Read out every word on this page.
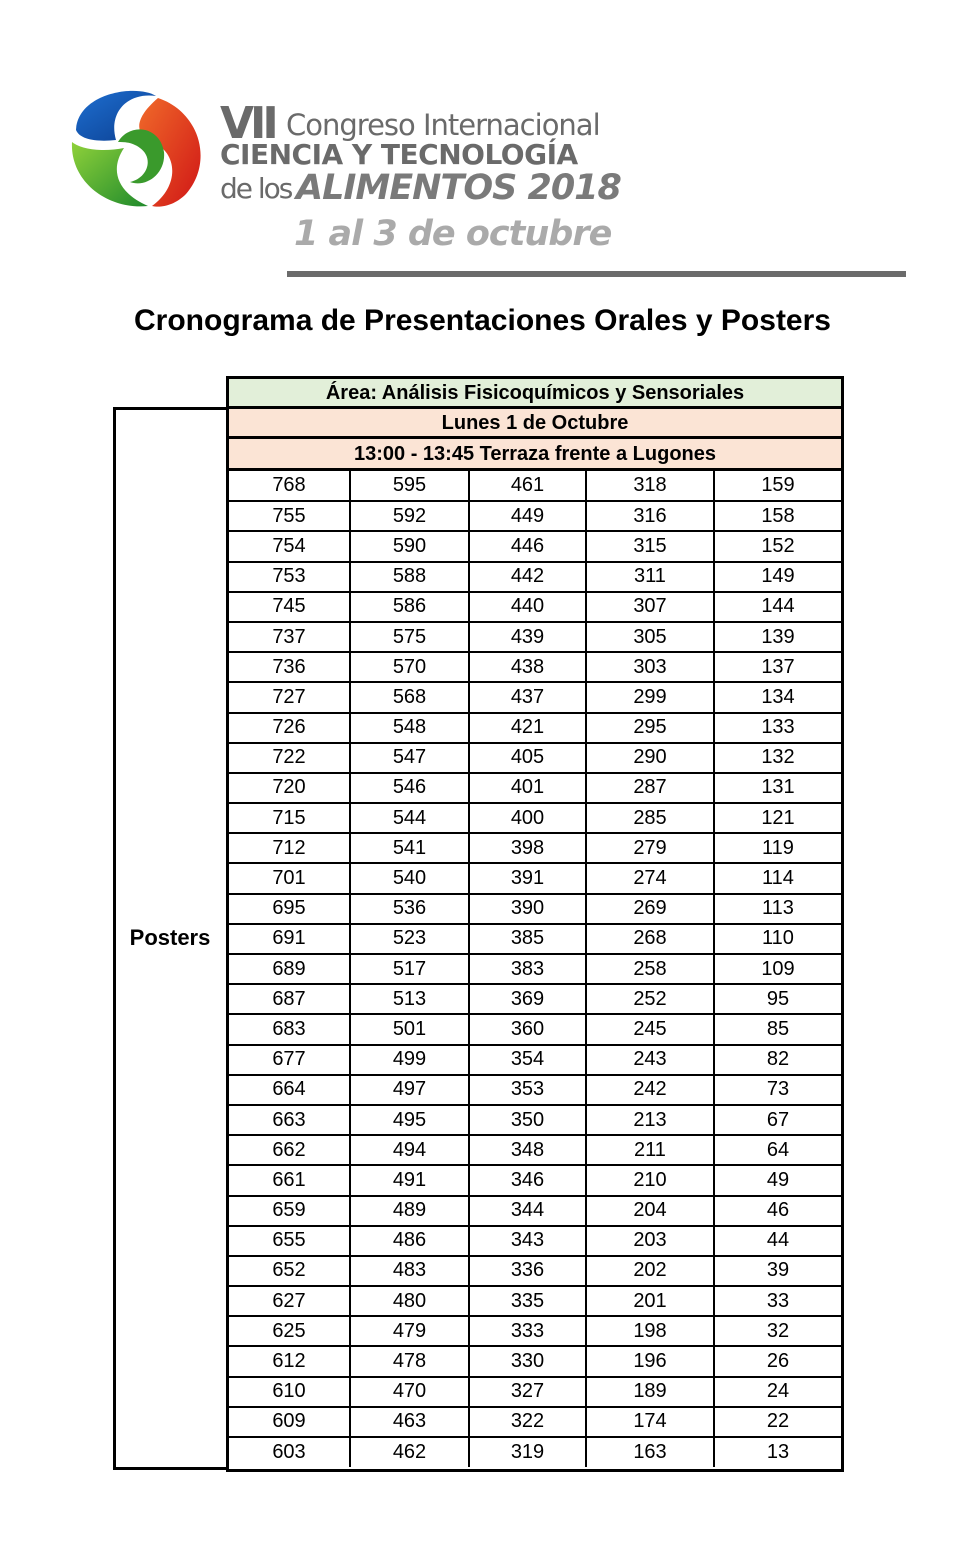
VII Congreso Internacional
CIENCIA Y TECNOLOGÍA
de los ALIMENTOS 2018
1 al 3 de octubre
Cronograma de Presentaciones Orales y Posters
Posters
Área: Análisis Fisicoquímicos y Sensoriales
Lunes 1 de Octubre
13:00 - 13:45 Terraza frente a Lugones
768	595	461	318	159
755	592	449	316	158
754	590	446	315	152
753	588	442	311	149
745	586	440	307	144
737	575	439	305	139
736	570	438	303	137
727	568	437	299	134
726	548	421	295	133
722	547	405	290	132
720	546	401	287	131
715	544	400	285	121
712	541	398	279	119
701	540	391	274	114
695	536	390	269	113
691	523	385	268	110
689	517	383	258	109
687	513	369	252	95
683	501	360	245	85
677	499	354	243	82
664	497	353	242	73
663	495	350	213	67
662	494	348	211	64
661	491	346	210	49
659	489	344	204	46
655	486	343	203	44
652	483	336	202	39
627	480	335	201	33
625	479	333	198	32
612	478	330	196	26
610	470	327	189	24
609	463	322	174	22
603	462	319	163	13
